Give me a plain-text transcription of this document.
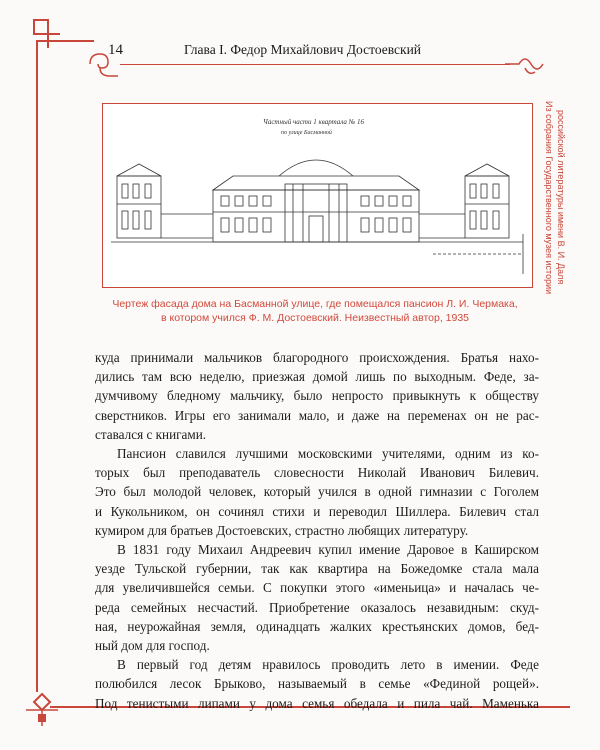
14	Глава I. Федор Михайлович Достоевский
Частный части 1 квартала № 16
по улице Басманной	Из собрания Государственного музея истории российской литературы имени В. И. Даля
Чертеж фасада дома на Басманной улице, где помещался пансион Л. И. Чермака,
в котором учился Ф. М. Достоевский. Неизвестный автор, 1935

куда принимали мальчиков благородного происхождения. Братья нахо-
дились там всю неделю, приезжая домой лишь по выходным. Феде, за-
думчивому бледному мальчику, было непросто привыкнуть к обществу
сверстников. Игры его занимали мало, и даже на переменах он не рас-
ставался с книгами.

Пансион славился лучшими московскими учителями, одним из ко-
торых был преподаватель словесности Николай Иванович Билевич.
Это был молодой человек, который учился в одной гимназии с Гоголем
и Кукольником, он сочинял стихи и переводил Шиллера. Билевич стал
кумиром для братьев Достоевских, страстно любящих литературу.

В 1831 году Михаил Андреевич купил имение Даровое в Каширском
уезде Тульской губернии, так как квартира на Божедомке стала мала
для увеличившейся семьи. С покупки этого «именьица» и началась че-
реда семейных несчастий. Приобретение оказалось незавидным: скуд-
ная, неурожайная земля, одинадцать жалких крестьянских домов, бед-
ный дом для господ.

В первый год детям нравилось проводить лето в имении. Феде
полюбился лесок Брыково, называемый в семье «Фединой рощей».
Под тенистыми липами у дома семья обедала и пила чай. Маменька
